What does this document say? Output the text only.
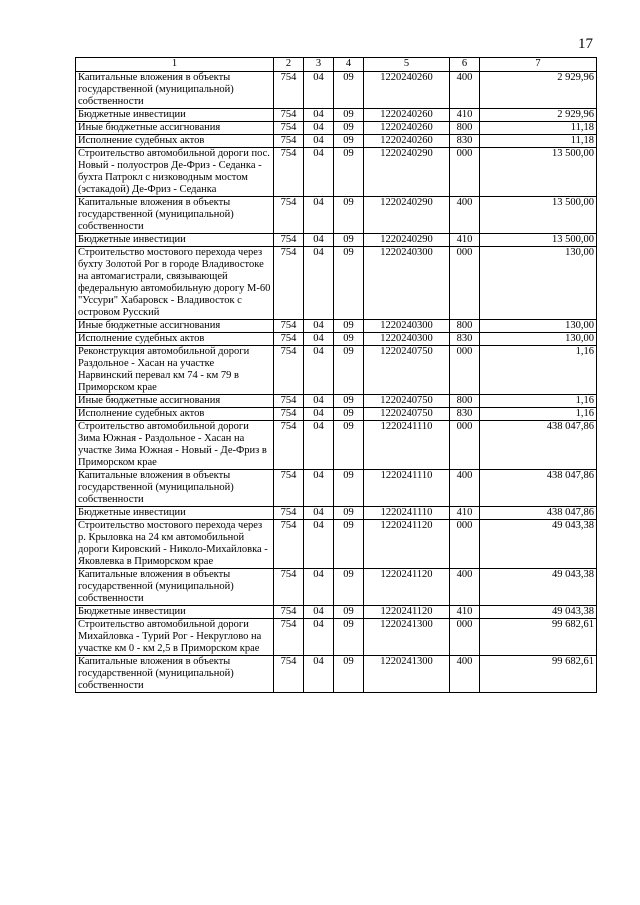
17
1	2	3	4	5	6	7
Капитальные вложения в объекты государственной (муниципальной) собственности	754	04	09	1220240260	400	2 929,96
Бюджетные инвестиции	754	04	09	1220240260	410	2 929,96
Иные бюджетные ассигнования	754	04	09	1220240260	800	11,18
Исполнение судебных актов	754	04	09	1220240260	830	11,18
Строительство автомобильной дороги пос. Новый - полуостров Де-Фриз - Седанка - бухта Патрокл с низководным мостом (эстакадой) Де-Фриз - Седанка	754	04	09	1220240290	000	13 500,00
Капитальные вложения в объекты государственной (муниципальной) собственности	754	04	09	1220240290	400	13 500,00
Бюджетные инвестиции	754	04	09	1220240290	410	13 500,00
Строительство мостового перехода через бухту Золотой Рог в городе Владивостоке на автомагистрали, связывающей федеральную автомобильную дорогу М-60 "Уссури" Хабаровск - Владивосток с островом Русский	754	04	09	1220240300	000	130,00
Иные бюджетные ассигнования	754	04	09	1220240300	800	130,00
Исполнение судебных актов	754	04	09	1220240300	830	130,00
Реконструкция автомобильной дороги Раздольное - Хасан на участке Нарвинский перевал км 74 - км 79 в Приморском крае	754	04	09	1220240750	000	1,16
Иные бюджетные ассигнования	754	04	09	1220240750	800	1,16
Исполнение судебных актов	754	04	09	1220240750	830	1,16
Строительство автомобильной дороги Зима Южная - Раздольное - Хасан на участке Зима Южная - Новый - Де-Фриз в Приморском крае	754	04	09	1220241110	000	438 047,86
Капитальные вложения в объекты государственной (муниципальной) собственности	754	04	09	1220241110	400	438 047,86
Бюджетные инвестиции	754	04	09	1220241110	410	438 047,86
Строительство мостового перехода через р. Крыловка на 24 км автомобильной дороги Кировский - Николо-Михайловка - Яковлевка в Приморском крае	754	04	09	1220241120	000	49 043,38
Капитальные вложения в объекты государственной (муниципальной) собственности	754	04	09	1220241120	400	49 043,38
Бюджетные инвестиции	754	04	09	1220241120	410	49 043,38
Строительство автомобильной дороги Михайловка - Турий Рог - Некруглово на участке км 0 - км 2,5 в Приморском крае	754	04	09	1220241300	000	99 682,61
Капитальные вложения в объекты государственной (муниципальной) собственности	754	04	09	1220241300	400	99 682,61
